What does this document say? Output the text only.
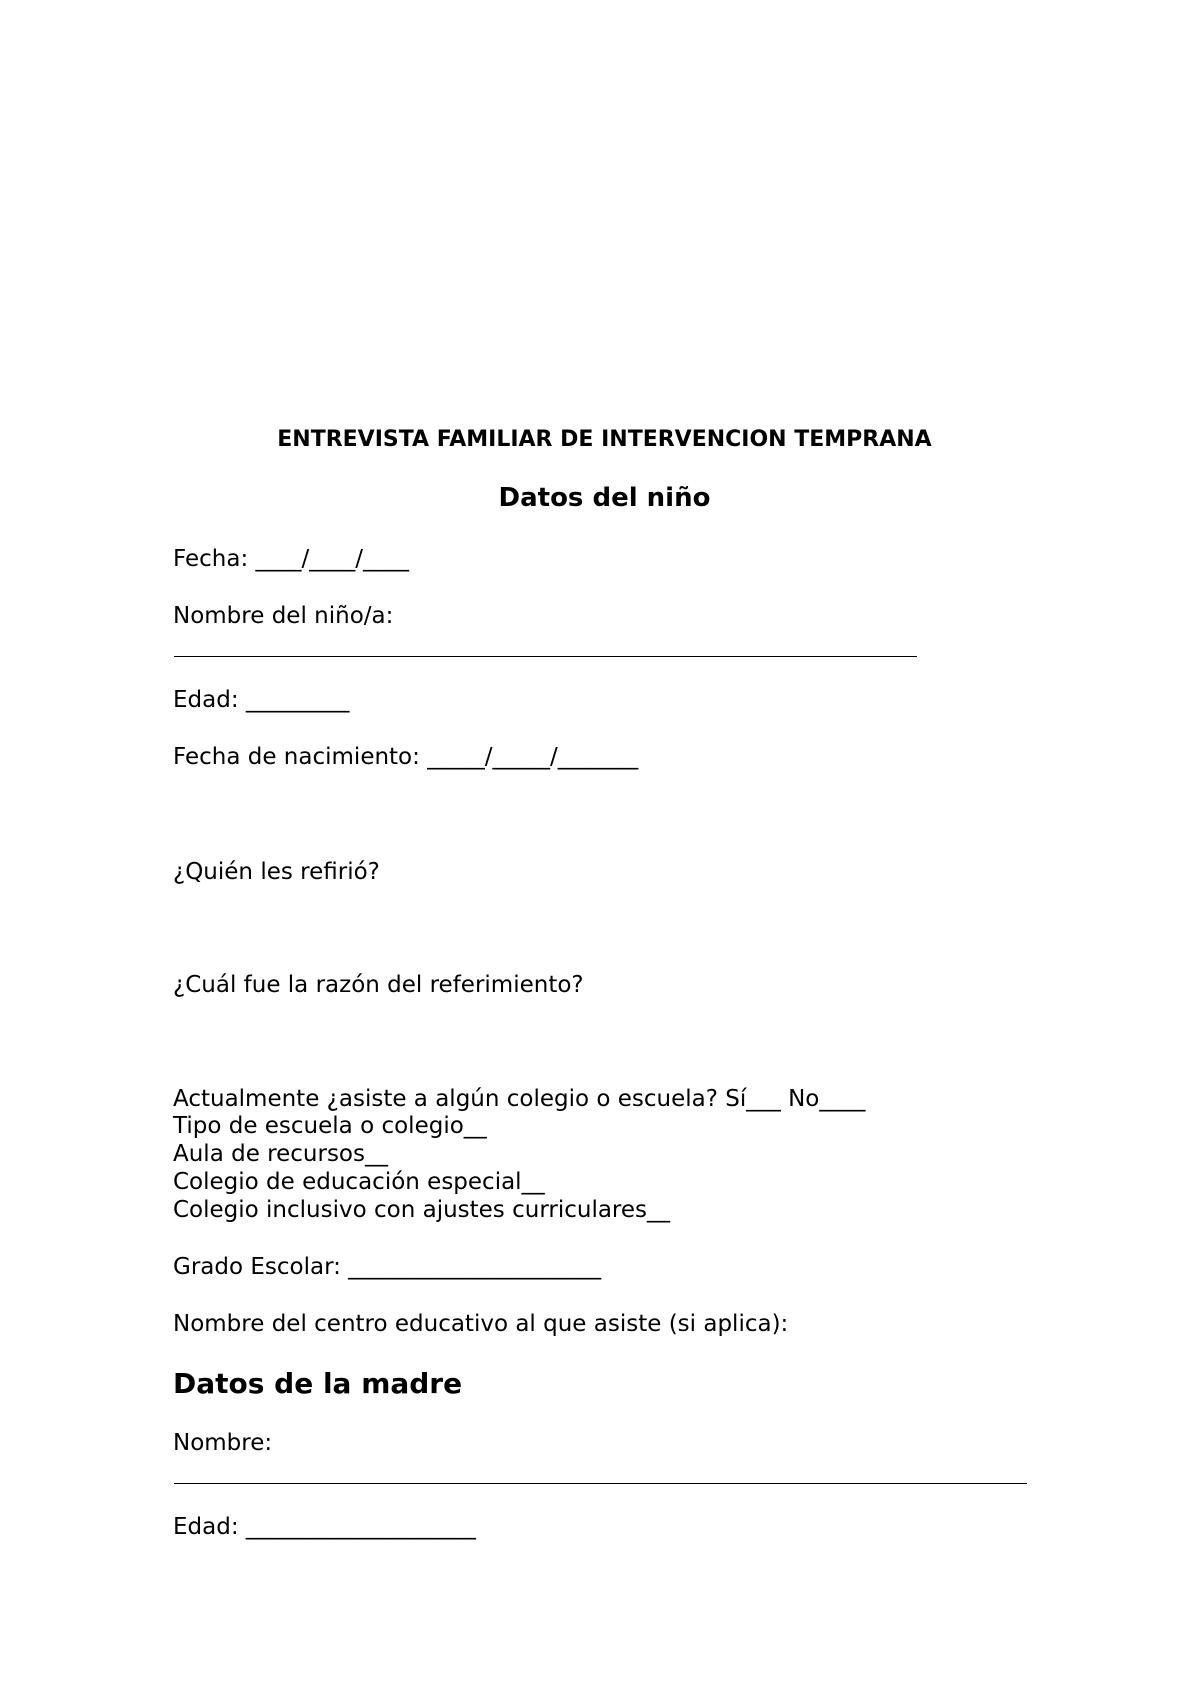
ENTREVISTA FAMILIAR DE INTERVENCION TEMPRANA
Datos del niño
Fecha: ____/____/____
Nombre del niño/a:
Edad: _________
Fecha de nacimiento: _____/_____/_______
¿Quién les refirió?
¿Cuál fue la razón del referimiento?
Actualmente ¿asiste a algún colegio o escuela? Sí___ No____
Tipo de escuela o colegio__
Aula de recursos__
Colegio de educación especial__
Colegio inclusivo con ajustes curriculares__
Grado Escolar: ______________________
Nombre del centro educativo al que asiste (si aplica):
Datos de la madre
Nombre:
Edad: ____________________
